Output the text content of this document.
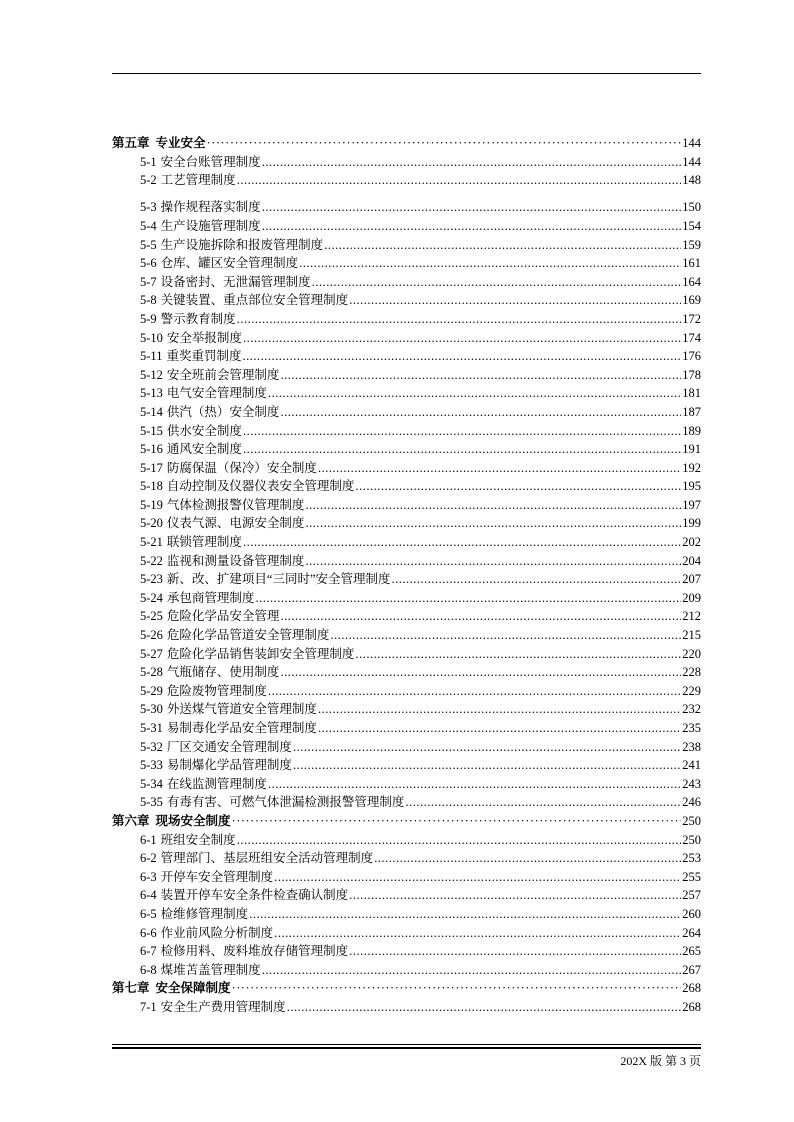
第五章 专业安全 ·····	144
5-1 安全台账管理制度 .....	144
5-2 工艺管理制度 .....	148
5-3 操作规程落实制度 .....	150
5-4 生产设施管理制度 .....	154
5-5 生产设施拆除和报废管理制度 .....	159
5-6 仓库、罐区安全管理制度 .....	161
5-7 设备密封、无泄漏管理制度 .....	164
5-8 关键装置、重点部位安全管理制度 .....	169
5-9 警示教育制度 .....	172
5-10 安全举报制度 .....	174
5-11 重奖重罚制度 .....	176
5-12 安全班前会管理制度 .....	178
5-13 电气安全管理制度 .....	181
5-14 供汽（热）安全制度 .....	187
5-15 供水安全制度 .....	189
5-16 通风安全制度 .....	191
5-17 防腐保温（保冷）安全制度 .....	192
5-18 自动控制及仪器仪表安全管理制度 .....	195
5-19 气体检测报警仪管理制度 .....	197
5-20 仪表气源、电源安全制度 .....	199
5-21 联锁管理制度 .....	202
5-22 监视和测量设备管理制度 .....	204
5-23 新、改、扩建项目“三同时”安全管理制度 .....	207
5-24 承包商管理制度 .....	209
5-25 危险化学品安全管理 .....	212
5-26 危险化学品管道安全管理制度 .....	215
5-27 危险化学品销售装卸安全管理制度 .....	220
5-28 气瓶储存、使用制度 .....	228
5-29 危险废物管理制度 .....	229
5-30 外送煤气管道安全管理制度 .....	232
5-31 易制毒化学品安全管理制度 .....	235
5-32 厂区交通安全管理制度 .....	238
5-33 易制爆化学品管理制度 .....	241
5-34 在线监测管理制度 .....	243
5-35 有毒有害、可燃气体泄漏检测报警管理制度 .....	246
第六章 现场安全制度 ·····	250
6-1 班组安全制度 .....	250
6-2 管理部门、基层班组安全活动管理制度 .....	253
6-3 开停车安全管理制度 .....	255
6-4 装置开停车安全条件检查确认制度 .....	257
6-5 检维修管理制度 .....	260
6-6 作业前风险分析制度 .....	264
6-7 检修用料、废料堆放存储管理制度 .....	265
6-8 煤堆苫盖管理制度 .....	267
第七章 安全保障制度 ·····	268
7-1 安全生产费用管理制度 .....	268
202X 版 第 3 页
